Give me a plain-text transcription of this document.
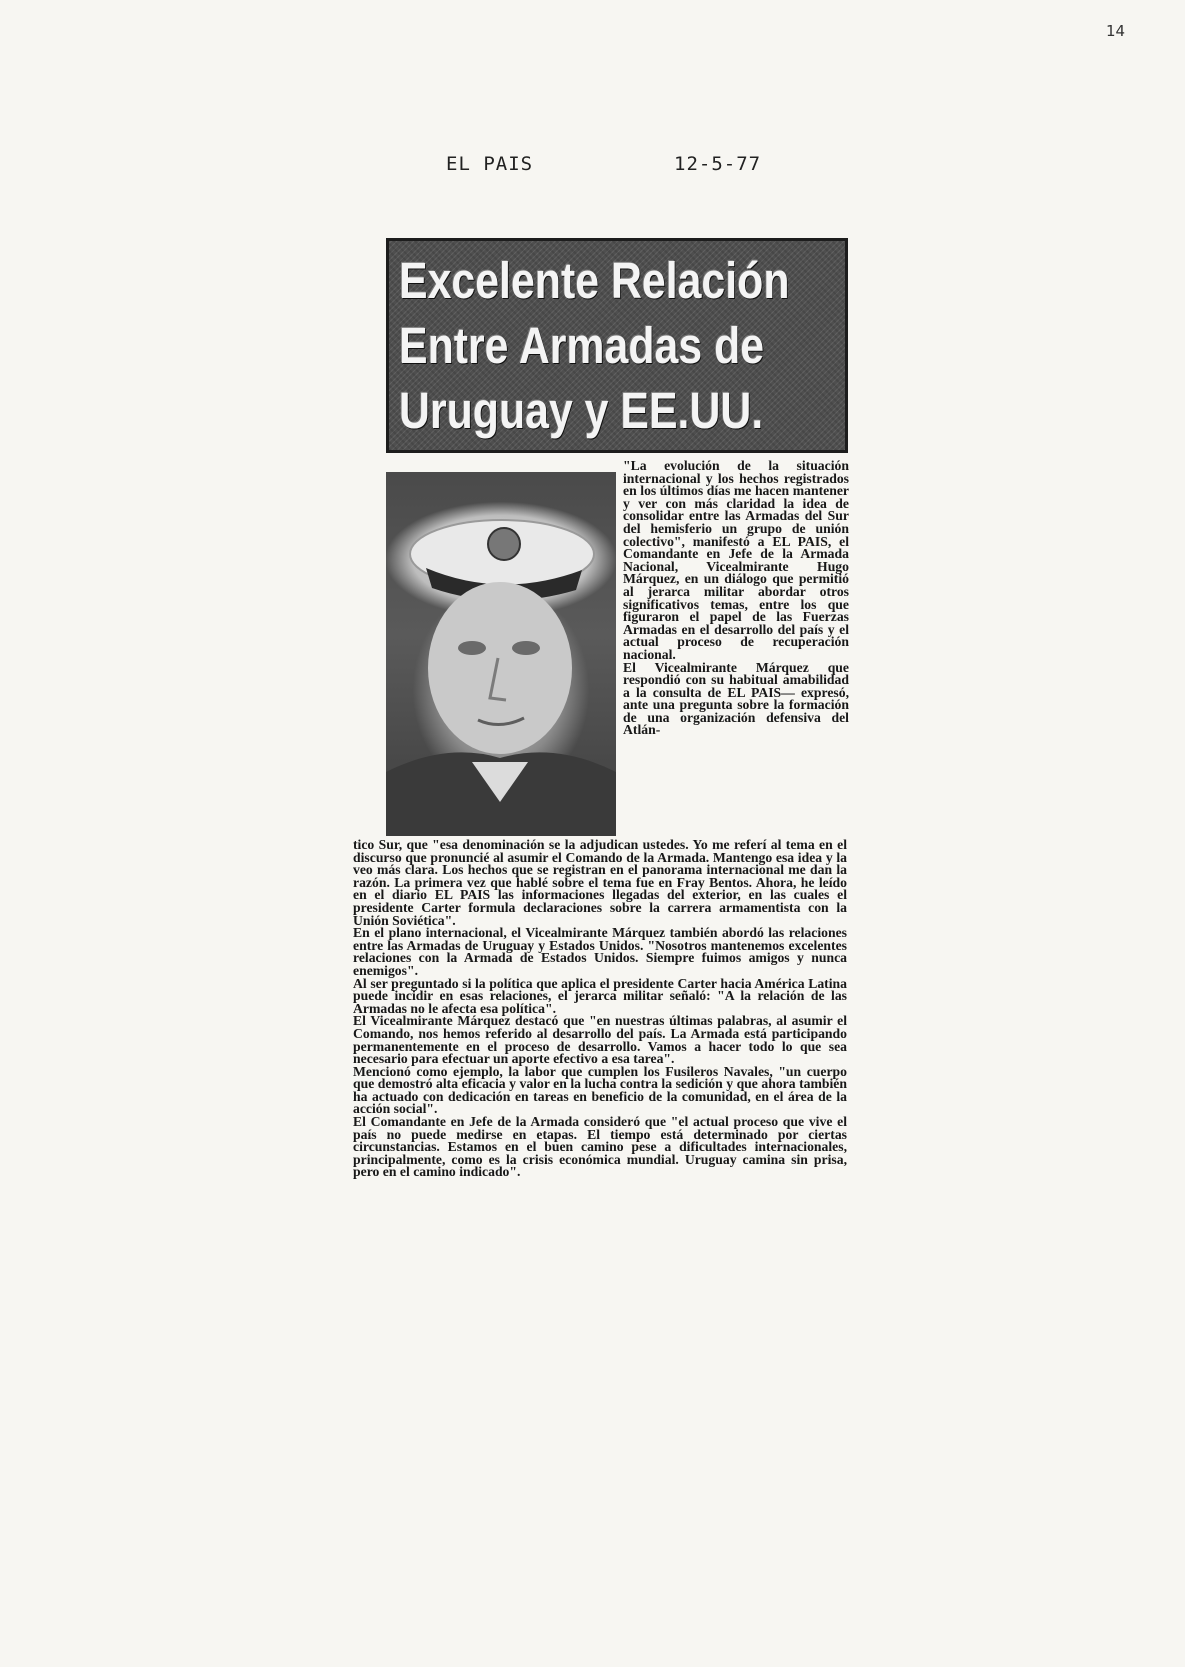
14
EL PAIS	12-5-77
Excelente Relación
Entre Armadas de
Uruguay y EE.UU.
"La evolución de la situación internacional y los hechos registrados en los últimos días me hacen mantener y ver con más claridad la idea de consolidar entre las Armadas del Sur del hemisferio un grupo de unión colectivo", manifestó a EL PAIS, el Comandante en Jefe de la Armada Nacional, Vicealmirante Hugo Márquez, en un diálogo que permitió al jerarca militar abordar otros significativos temas, entre los que figuraron el papel de las Fuerzas Armadas en el desarrollo del país y el actual proceso de recuperación nacional.
El Vicealmirante Márquez que respondió con su habitual amabilidad a la consulta de EL PAIS— expresó, ante una pregunta sobre la formación de una organización defensiva del Atlán-
tico Sur, que "esa denominación se la adjudican ustedes. Yo me referí al tema en el discurso que pronuncié al asumir el Comando de la Armada. Mantengo esa idea y la veo más clara. Los hechos que se registran en el panorama internacional me dan la razón. La primera vez que hablé sobre el tema fue en Fray Bentos. Ahora, he leído en el diario EL PAIS las informaciones llegadas del exterior, en las cuales el presidente Carter formula declaraciones sobre la carrera armamentista con la Unión Soviética".
En el plano internacional, el Vicealmirante Márquez también abordó las relaciones entre las Armadas de Uruguay y Estados Unidos. "Nosotros mantenemos excelentes relaciones con la Armada de Estados Unidos. Siempre fuimos amigos y nunca enemigos".
Al ser preguntado si la política que aplica el presidente Carter hacia América Latina puede incidir en esas relaciones, el jerarca militar señaló: "A la relación de las Armadas no le afecta esa política".
El Vicealmirante Márquez destacó que "en nuestras últimas palabras, al asumir el Comando, nos hemos referido al desarrollo del país. La Armada está participando permanentemente en el proceso de desarrollo. Vamos a hacer todo lo que sea necesario para efectuar un aporte efectivo a esa tarea".
Mencionó como ejemplo, la labor que cumplen los Fusileros Navales, "un cuerpo que demostró alta eficacia y valor en la lucha contra la sedición y que ahora también ha actuado con dedicación en tareas en beneficio de la comunidad, en el área de la acción social".
El Comandante en Jefe de la Armada consideró que "el actual proceso que vive el país no puede medirse en etapas. El tiempo está determinado por ciertas circunstancias. Estamos en el buen camino pese a dificultades internacionales, principalmente, como es la crisis económica mundial. Uruguay camina sin prisa, pero en el camino indicado".
